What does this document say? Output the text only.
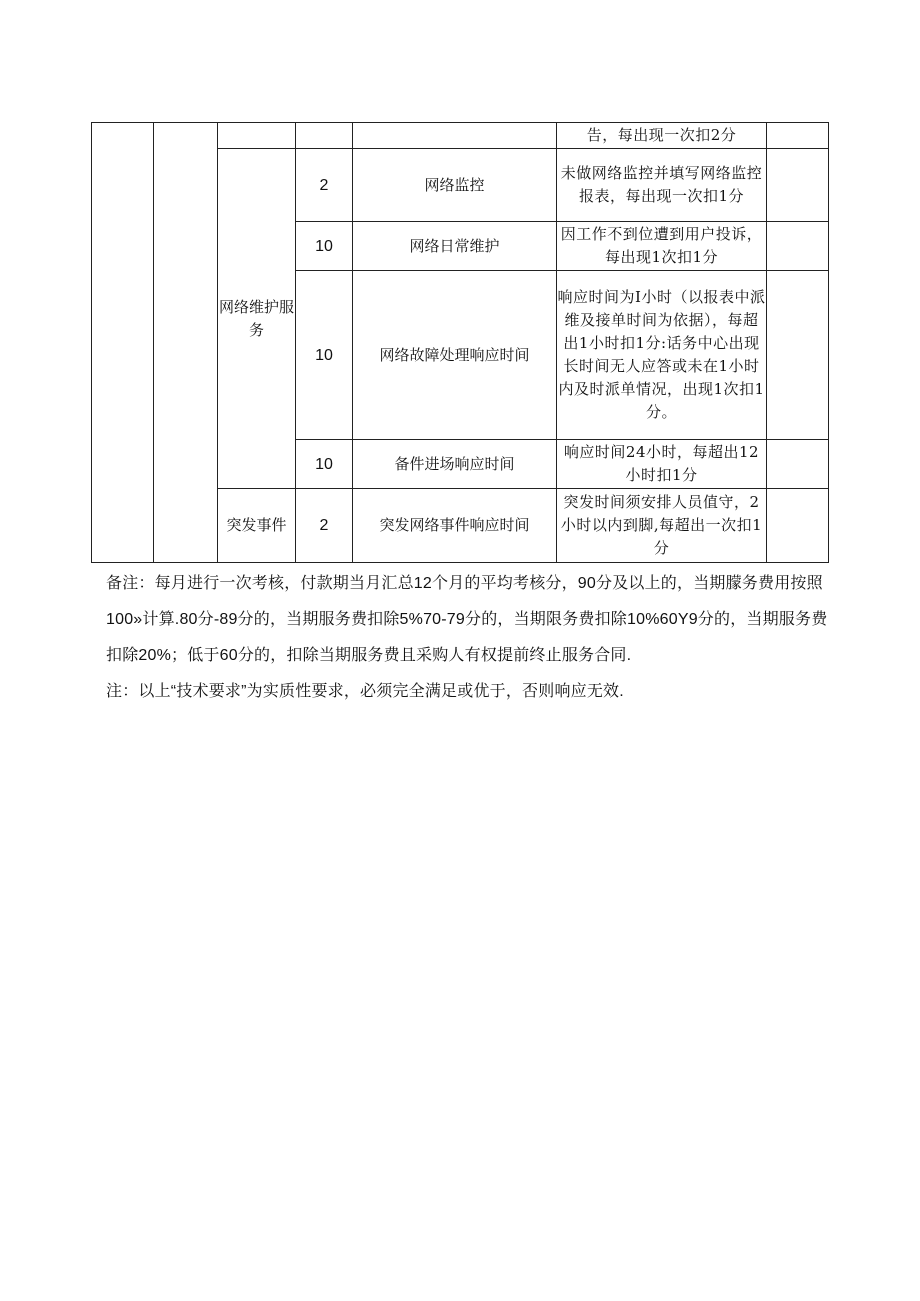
					告，每出现一次扣2分	
		网络维护服务	2	网络监控	未做网络监控并填写网络监控报表，每出现一次扣1分	
			10	网络日常维护	因工作不到位遭到用户投诉，每出现1次扣1分	
			10	网络故障处理响应时间	响应时间为I小时（以报表中派维及接单时间为依据），每超出1小时扣1分:话务中心出现长时间无人应答或未在1小时内及时派单情况，出现1次扣1分。	
			10	备件进场响应时间	响应时间24小时，每超出12小时扣1分	
		突发事件	2	突发网络事件响应时间	突发时间须安排人员值守，2小时以内到脚,每超出一次扣1分	

备注：每月进行一次考核，付款期当月汇总12个月的平均考核分，90分及以上的，当期朦务费用按照100»计算.80分-89分的，当期服务费扣除5%70-79分的，当期限务费扣除10%60Y9分的，当期服务费扣除20%；低于60分的，扣除当期服务费且采购人有权提前终止服务合同.

注：以上“技术要求”为实质性要求，必须完全满足或优于，否则响应无效.
